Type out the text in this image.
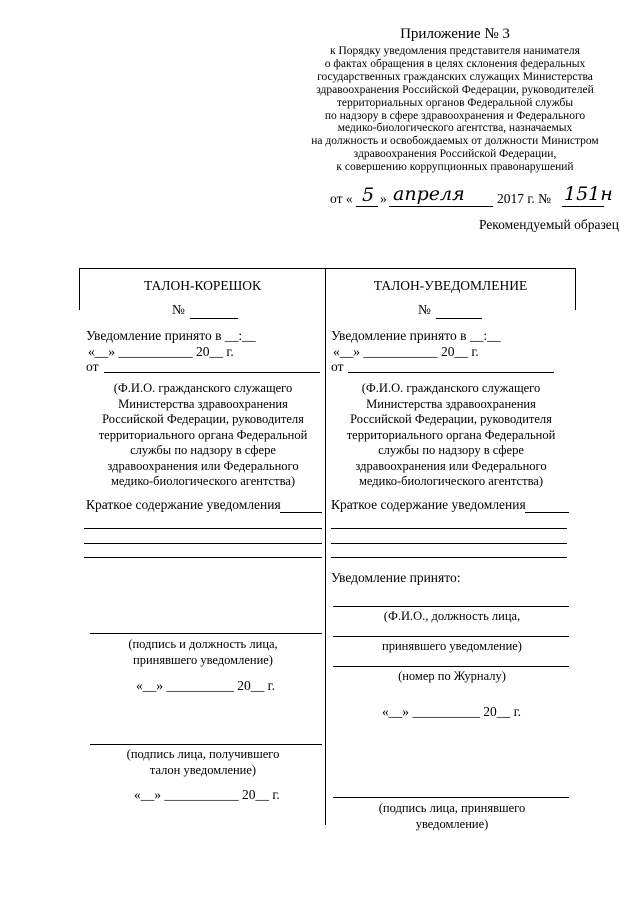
Приложение № 3
к Порядку уведомления представителя нанимателя
о фактах обращения в целях склонения федеральных
государственных гражданских служащих Министерства
здравоохранения Российской Федерации, руководителей
территориальных органов Федеральной службы
по надзору в сфере здравоохранения и Федерального
медико-биологического агентства, назначаемых
на должность и освобождаемых от должности Министром
здравоохранения Российской Федерации,
к совершению коррупционных правонарушений
от « 5 » апреля 2017 г. № 151н
Рекомендуемый образец
ТАЛОН-КОРЕШОК
№
Уведомление принято в __:__
«__» ___________ 20__ г.
от
(Ф.И.О. гражданского служащего
Министерства здравоохранения
Российской Федерации, руководителя
территориального органа Федеральной
службы по надзору в сфере
здравоохранения или Федерального
медико-биологического агентства)
Краткое содержание уведомления
(подпись и должность лица,
принявшего уведомление)
«__» __________ 20__ г.
(подпись лица, получившего
талон уведомление)
«__» ___________ 20__ г.
ТАЛОН-УВЕДОМЛЕНИЕ
№
Уведомление принято в __:__
«__» ___________ 20__ г.
от
(Ф.И.О. гражданского служащего
Министерства здравоохранения
Российской Федерации, руководителя
территориального органа Федеральной
службы по надзору в сфере
здравоохранения или Федерального
медико-биологического агентства)
Краткое содержание уведомления
Уведомление принято:
(Ф.И.О., должность лица,
принявшего уведомление)
(номер по Журналу)
«__» __________ 20__ г.
(подпись лица, принявшего
уведомление)
